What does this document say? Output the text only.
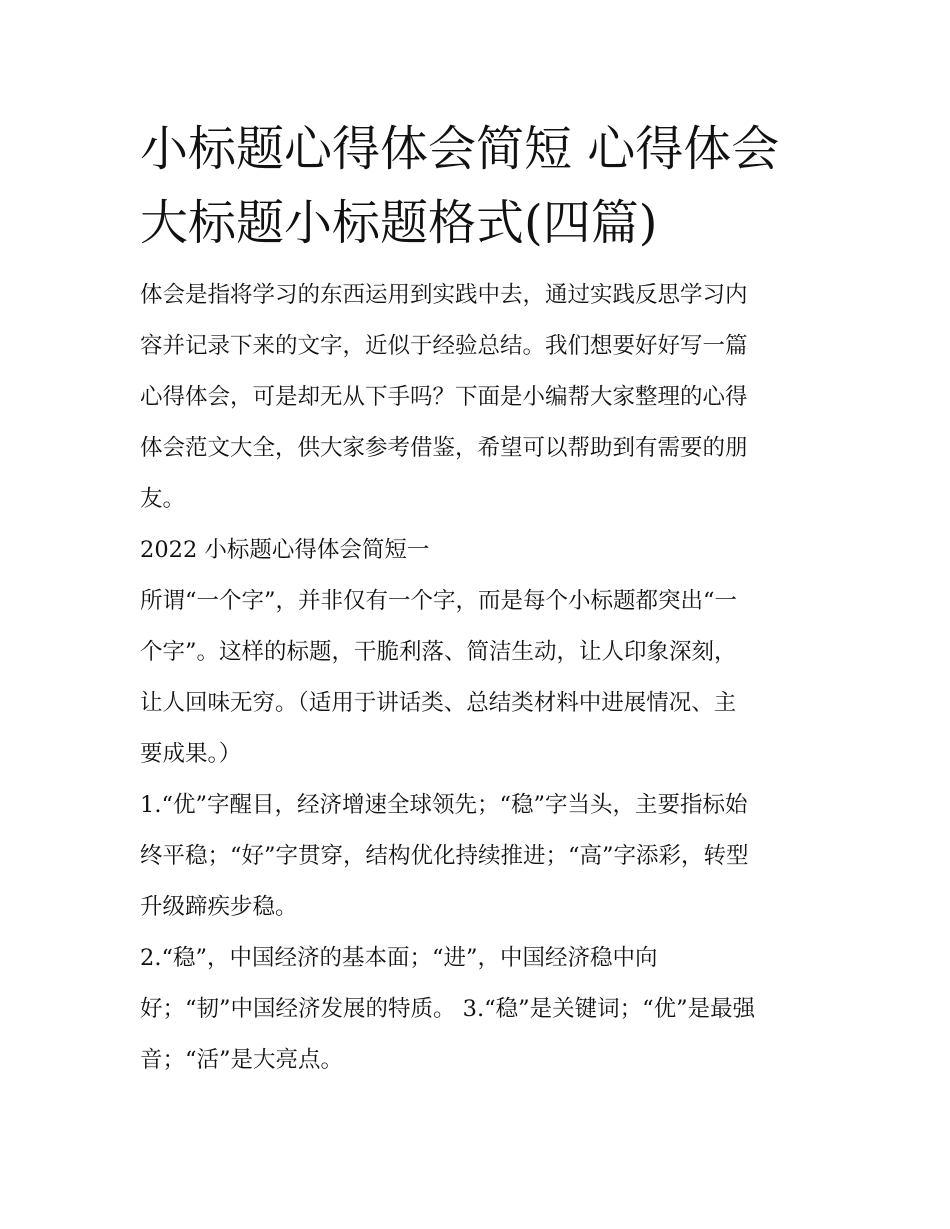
小标题心得体会简短 心得体会
大标题小标题格式(四篇)

体会是指将学习的东西运用到实践中去，通过实践反思学习内
容并记录下来的文字，近似于经验总结。我们想要好好写一篇
心得体会，可是却无从下手吗？下面是小编帮大家整理的心得
体会范文大全，供大家参考借鉴，希望可以帮助到有需要的朋
友。

2022 小标题心得体会简短一

所谓“一个字”，并非仅有一个字，而是每个小标题都突出“一
个字”。这样的标题，干脆利落、简洁生动，让人印象深刻，
让人回味无穷。（适用于讲话类、总结类材料中进展情况、主
要成果。）

1.“优”字醒目，经济增速全球领先；“稳”字当头，主要指标始
终平稳；“好”字贯穿，结构优化持续推进；“高”字添彩，转型
升级蹄疾步稳。

2.“稳”，中国经济的基本面；“进”，中国经济稳中向
好；“韧”中国经济发展的特质。 3.“稳”是关键词；“优”是最强
音；“活”是大亮点。
